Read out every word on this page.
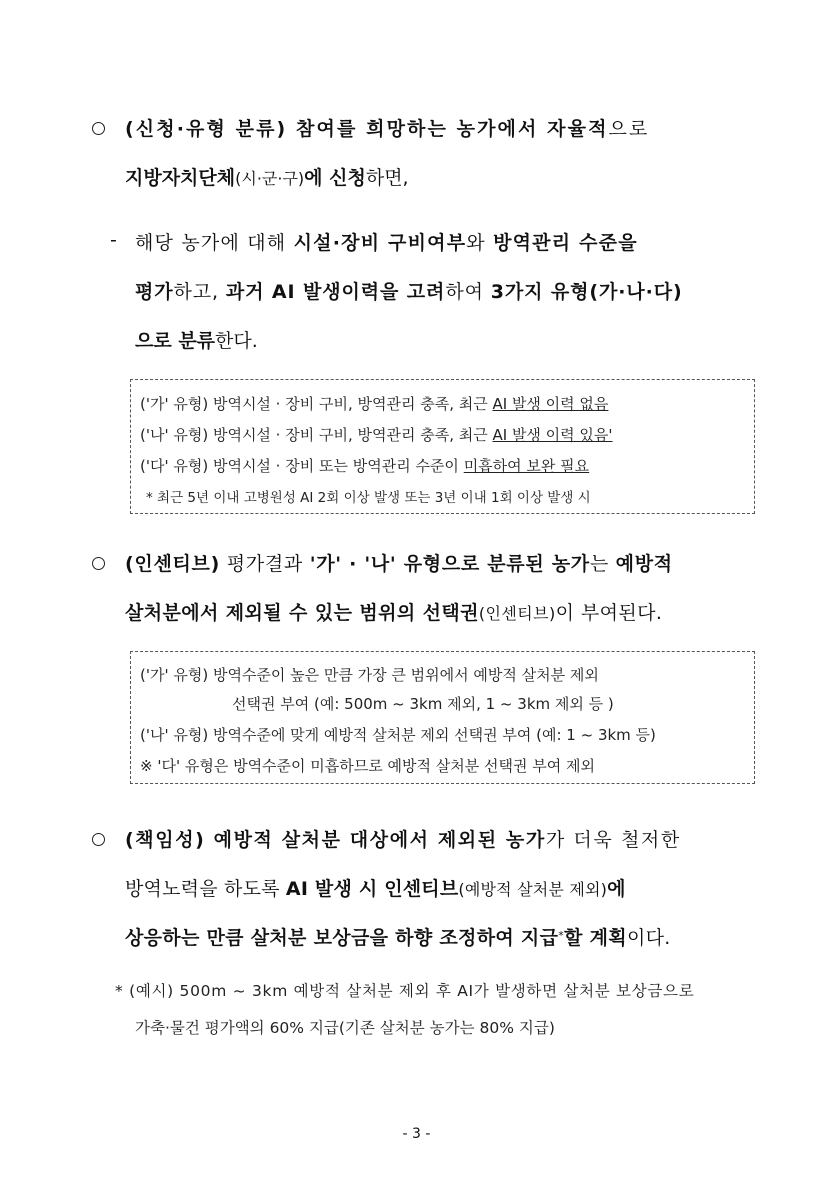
(신청·유형 분류) 참여를 희망하는 농가에서 자율적으로
지방자치단체(시·군·구)에 신청하면,
- 해당 농가에 대해 시설·장비 구비여부와 방역관리 수준을
평가하고, 과거 AI 발생이력을 고려하여 3가지 유형(가·나·다)
으로 분류한다.
('가' 유형) 방역시설 · 장비 구비, 방역관리 충족, 최근 AI 발생 이력 없음
('나' 유형) 방역시설 · 장비 구비, 방역관리 충족, 최근 AI 발생 이력 있음'
('다' 유형) 방역시설 · 장비 또는 방역관리 수준이 미흡하여 보완 필요
* 최근 5년 이내 고병원성 AI 2회 이상 발생 또는 3년 이내 1회 이상 발생 시
(인센티브) 평가결과 '가' · '나' 유형으로 분류된 농가는 예방적
살처분에서 제외될 수 있는 범위의 선택권(인센티브)이 부여된다.
('가' 유형) 방역수준이 높은 만큼 가장 큰 범위에서 예방적 살처분 제외
선택권 부여 (예: 500m ~ 3km 제외, 1 ~ 3km 제외 등 )
('나' 유형) 방역수준에 맞게 예방적 살처분 제외 선택권 부여 (예: 1 ~ 3km 등)
※ '다' 유형은 방역수준이 미흡하므로 예방적 살처분 선택권 부여 제외
(책임성) 예방적 살처분 대상에서 제외된 농가가 더욱 철저한
방역노력을 하도록 AI 발생 시 인센티브(예방적 살처분 제외)에
상응하는 만큼 살처분 보상금을 하향 조정하여 지급*할 계획이다.
* (예시) 500m ~ 3km 예방적 살처분 제외 후 AI가 발생하면 살처분 보상금으로
가축·물건 평가액의 60% 지급(기존 살처분 농가는 80% 지급)
- 3 -
